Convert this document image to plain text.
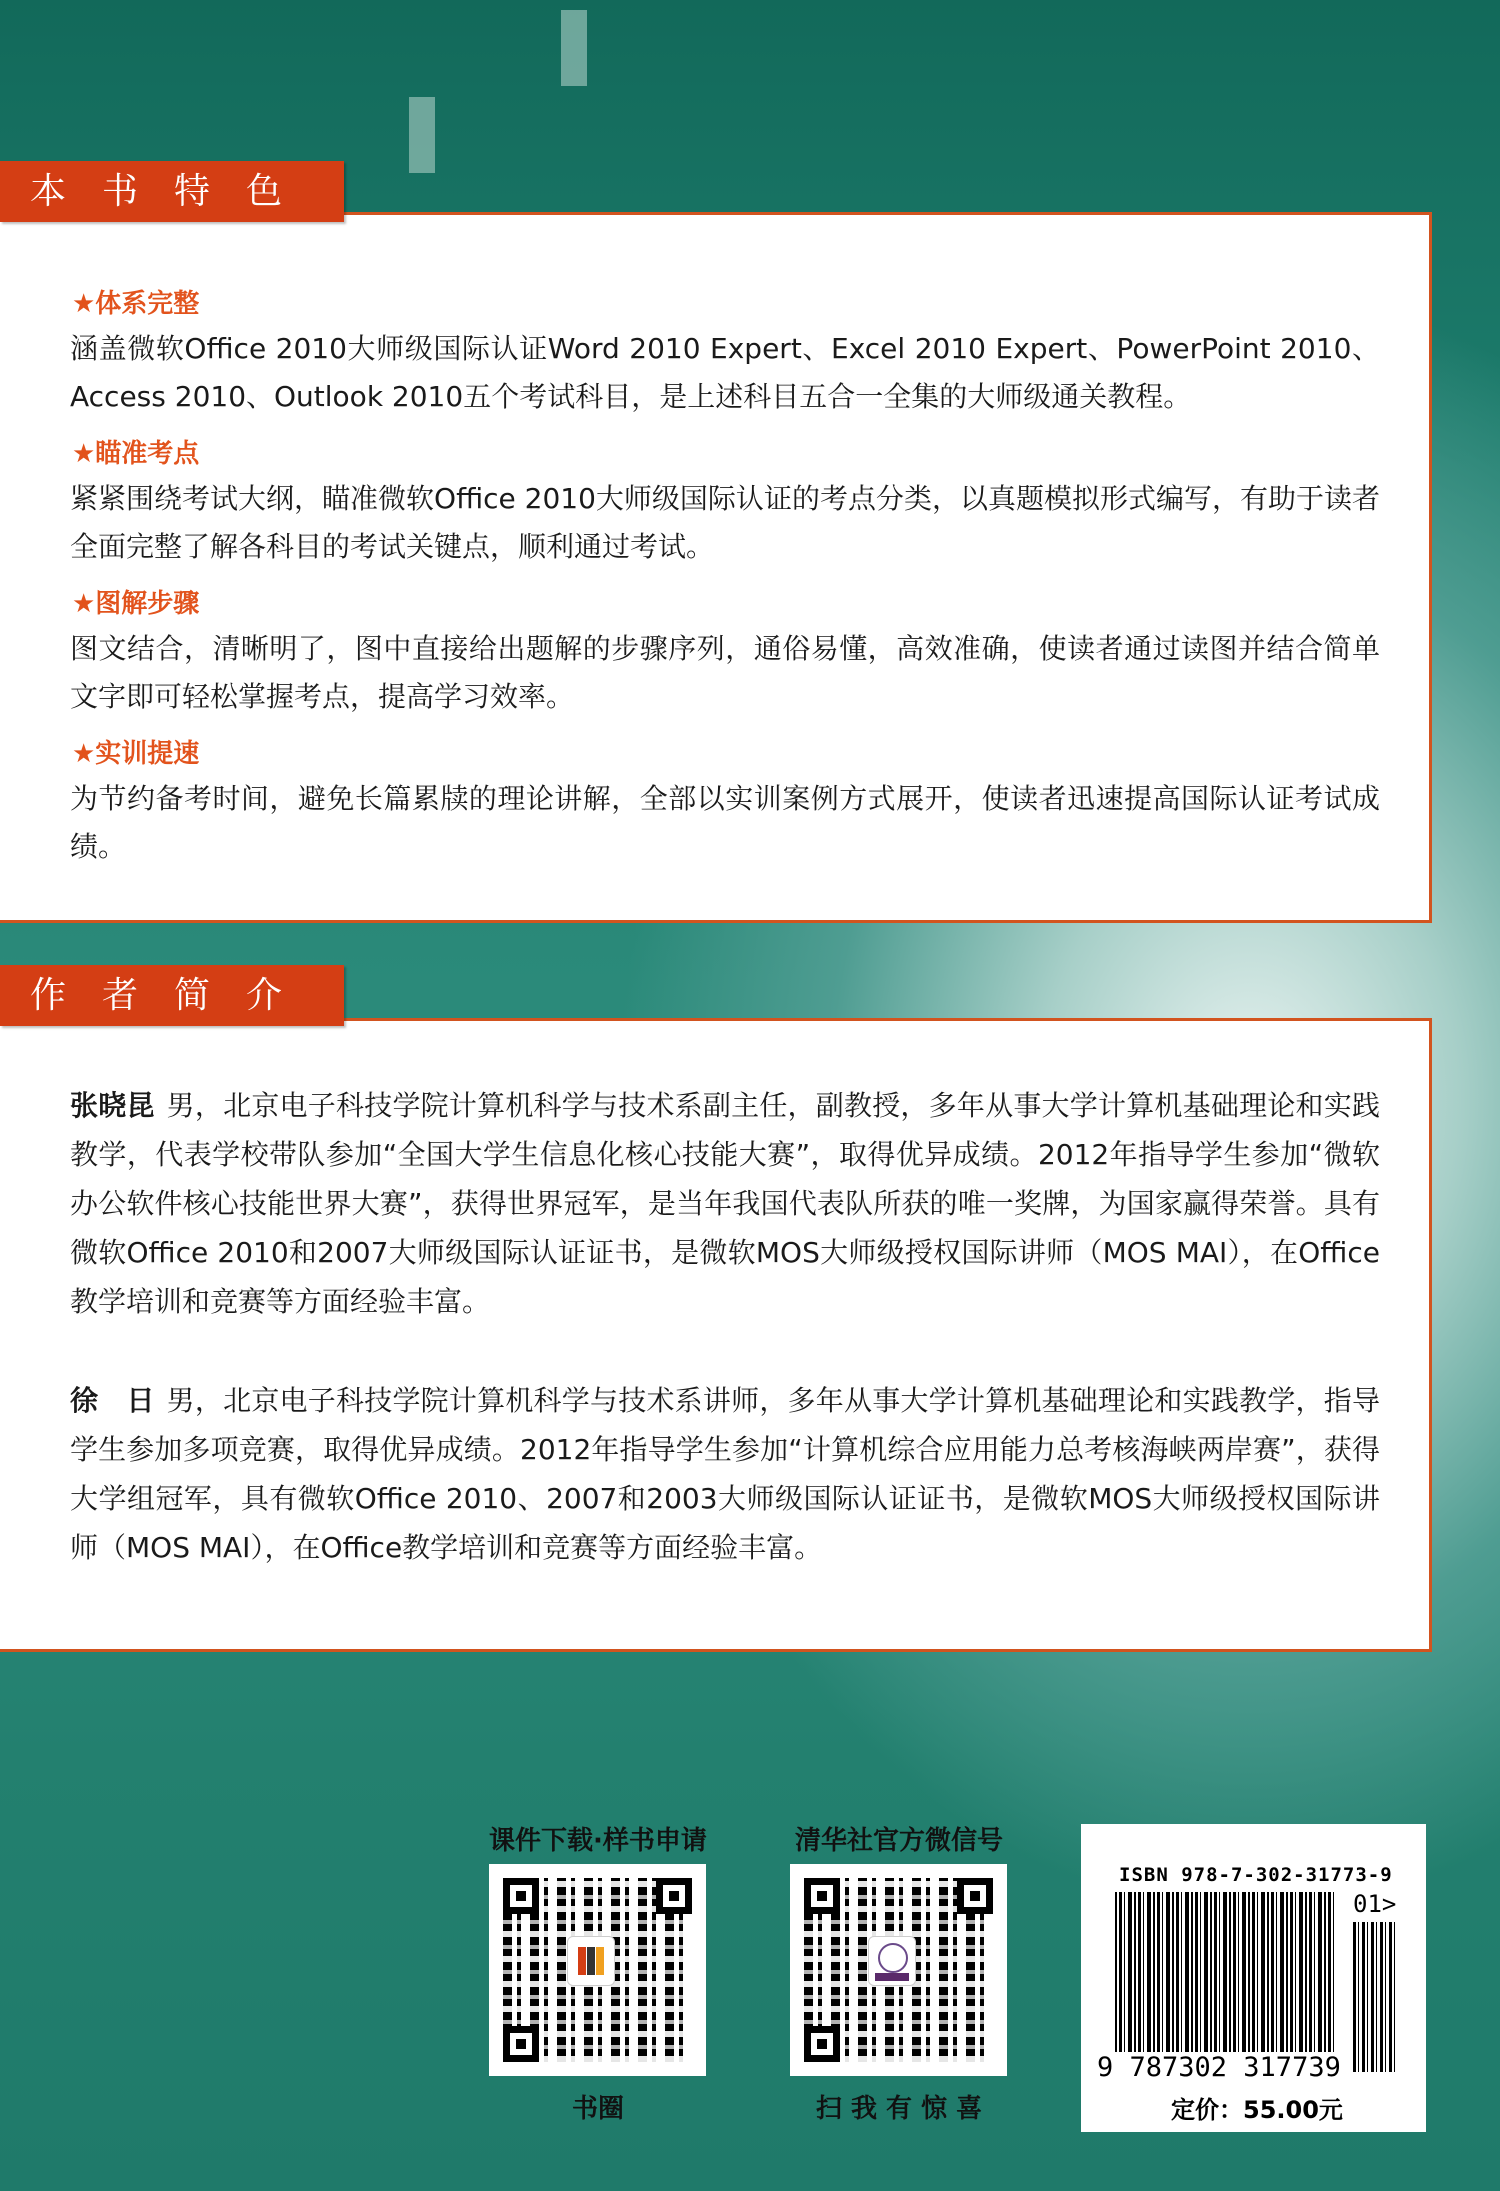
本书特色
★体系完整
涵盖微软Office 2010大师级国际认证Word 2010 Expert、Excel 2010 Expert、PowerPoint 2010、Access 2010、Outlook 2010五个考试科目，是上述科目五合一全集的大师级通关教程。
★瞄准考点
紧紧围绕考试大纲，瞄准微软Office 2010大师级国际认证的考点分类，以真题模拟形式编写，有助于读者全面完整了解各科目的考试关键点，顺利通过考试。
★图解步骤
图文结合，清晰明了，图中直接给出题解的步骤序列，通俗易懂，高效准确，使读者通过读图并结合简单文字即可轻松掌握考点，提高学习效率。
★实训提速
为节约备考时间，避免长篇累牍的理论讲解，全部以实训案例方式展开，使读者迅速提高国际认证考试成绩。
作者简介
张晓昆 男，北京电子科技学院计算机科学与技术系副主任，副教授，多年从事大学计算机基础理论和实践教学，代表学校带队参加“全国大学生信息化核心技能大赛”，取得优异成绩。2012年指导学生参加“微软办公软件核心技能世界大赛”，获得世界冠军，是当年我国代表队所获的唯一奖牌，为国家赢得荣誉。具有微软Office 2010和2007大师级国际认证证书，是微软MOS大师级授权国际讲师（MOS MAI），在Office教学培训和竞赛等方面经验丰富。
徐　日 男，北京电子科技学院计算机科学与技术系讲师，多年从事大学计算机基础理论和实践教学，指导学生参加多项竞赛，取得优异成绩。2012年指导学生参加“计算机综合应用能力总考核海峡两岸赛”，获得大学组冠军，具有微软Office 2010、2007和2003大师级国际认证证书，是微软MOS大师级授权国际讲师（MOS MAI），在Office教学培训和竞赛等方面经验丰富。
课件下载·样书申请
书圈
清华社官方微信号
扫 我 有 惊 喜
ISBN 978-7-302-31773-9
01>
9 787302 317739
定价：55.00元
